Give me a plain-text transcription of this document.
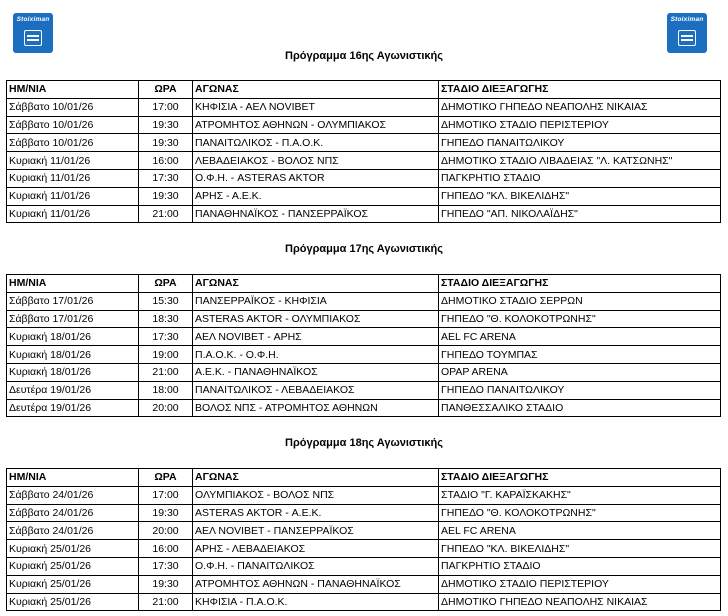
Stoiximan	Stoiximan
Πρόγραμμα 16ης Αγωνιστικής
ΗΜ/ΝΙΑ	ΩΡΑ	ΑΓΩΝΑΣ	ΣΤΑΔΙΟ ΔΙΕΞΑΓΩΓΗΣ
Σάββατο 10/01/26	17:00	ΚΗΦΙΣΙΑ - ΑΕΛ NOVIBET	ΔΗΜΟΤΙΚΟ ΓΗΠΕΔΟ ΝΕΑΠΟΛΗΣ ΝΙΚΑΙΑΣ
Σάββατο 10/01/26	19:30	ΑΤΡΟΜΗΤΟΣ ΑΘΗΝΩΝ - ΟΛΥΜΠΙΑΚΟΣ	ΔΗΜΟΤΙΚΟ ΣΤΑΔΙΟ ΠΕΡΙΣΤΕΡΙΟΥ
Σάββατο 10/01/26	19:30	ΠΑΝΑΙΤΩΛΙΚΟΣ - Π.Α.Ο.Κ.	ΓΗΠΕΔΟ ΠΑΝΑΙΤΩΛΙΚΟΥ
Κυριακή 11/01/26	16:00	ΛΕΒΑΔΕΙΑΚΟΣ - ΒΟΛΟΣ ΝΠΣ	ΔΗΜΟΤΙΚΟ ΣΤΑΔΙΟ ΛΙΒΑΔΕΙΑΣ "Λ. ΚΑΤΣΩΝΗΣ"
Κυριακή 11/01/26	17:30	Ο.Φ.Η. - ASTERAS AKTOR	ΠΑΓΚΡΗΤΙΟ ΣΤΑΔΙΟ
Κυριακή 11/01/26	19:30	ΑΡΗΣ - Α.Ε.Κ.	ΓΗΠΕΔΟ "ΚΛ. ΒΙΚΕΛΙΔΗΣ"
Κυριακή 11/01/26	21:00	ΠΑΝΑΘΗΝΑΪΚΟΣ - ΠΑΝΣΕΡΡΑΪΚΟΣ	ΓΗΠΕΔΟ "ΑΠ. ΝΙΚΟΛΑΪΔΗΣ"
Πρόγραμμα 17ης Αγωνιστικής
ΗΜ/ΝΙΑ	ΩΡΑ	ΑΓΩΝΑΣ	ΣΤΑΔΙΟ ΔΙΕΞΑΓΩΓΗΣ
Σάββατο 17/01/26	15:30	ΠΑΝΣΕΡΡΑΪΚΟΣ - ΚΗΦΙΣΙΑ	ΔΗΜΟΤΙΚΟ ΣΤΑΔΙΟ ΣΕΡΡΩΝ
Σάββατο 17/01/26	18:30	ASTERAS AKTOR - ΟΛΥΜΠΙΑΚΟΣ	ΓΗΠΕΔΟ "Θ. ΚΟΛΟΚΟΤΡΩΝΗΣ"
Κυριακή 18/01/26	17:30	ΑΕΛ NOVIBET - ΑΡΗΣ	AEL FC ARENA
Κυριακή 18/01/26	19:00	Π.Α.Ο.Κ. - Ο.Φ.Η.	ΓΗΠΕΔΟ ΤΟΥΜΠΑΣ
Κυριακή 18/01/26	21:00	Α.Ε.Κ. - ΠΑΝΑΘΗΝΑΪΚΟΣ	OPAP ARENA
Δευτέρα 19/01/26	18:00	ΠΑΝΑΙΤΩΛΙΚΟΣ - ΛΕΒΑΔΕΙΑΚΟΣ	ΓΗΠΕΔΟ ΠΑΝΑΙΤΩΛΙΚΟΥ
Δευτέρα 19/01/26	20:00	ΒΟΛΟΣ ΝΠΣ - ΑΤΡΟΜΗΤΟΣ ΑΘΗΝΩΝ	ΠΑΝΘΕΣΣΑΛΙΚΟ ΣΤΑΔΙΟ
Πρόγραμμα 18ης Αγωνιστικής
ΗΜ/ΝΙΑ	ΩΡΑ	ΑΓΩΝΑΣ	ΣΤΑΔΙΟ ΔΙΕΞΑΓΩΓΗΣ
Σάββατο 24/01/26	17:00	ΟΛΥΜΠΙΑΚΟΣ - ΒΟΛΟΣ ΝΠΣ	ΣΤΑΔΙΟ "Γ. ΚΑΡΑΪΣΚΑΚΗΣ"
Σάββατο 24/01/26	19:30	ASTERAS AKTOR - Α.Ε.Κ.	ΓΗΠΕΔΟ "Θ. ΚΟΛΟΚΟΤΡΩΝΗΣ"
Σάββατο 24/01/26	20:00	ΑΕΛ NOVIBET - ΠΑΝΣΕΡΡΑΪΚΟΣ	AEL FC ARENA
Κυριακή 25/01/26	16:00	ΑΡΗΣ - ΛΕΒΑΔΕΙΑΚΟΣ	ΓΗΠΕΔΟ "ΚΛ. ΒΙΚΕΛΙΔΗΣ"
Κυριακή 25/01/26	17:30	Ο.Φ.Η. - ΠΑΝΑΙΤΩΛΙΚΟΣ	ΠΑΓΚΡΗΤΙΟ ΣΤΑΔΙΟ
Κυριακή 25/01/26	19:30	ΑΤΡΟΜΗΤΟΣ ΑΘΗΝΩΝ - ΠΑΝΑΘΗΝΑΪΚΟΣ	ΔΗΜΟΤΙΚΟ ΣΤΑΔΙΟ ΠΕΡΙΣΤΕΡΙΟΥ
Κυριακή 25/01/26	21:00	ΚΗΦΙΣΙΑ - Π.Α.Ο.Κ.	ΔΗΜΟΤΙΚΟ ΓΗΠΕΔΟ ΝΕΑΠΟΛΗΣ ΝΙΚΑΙΑΣ
